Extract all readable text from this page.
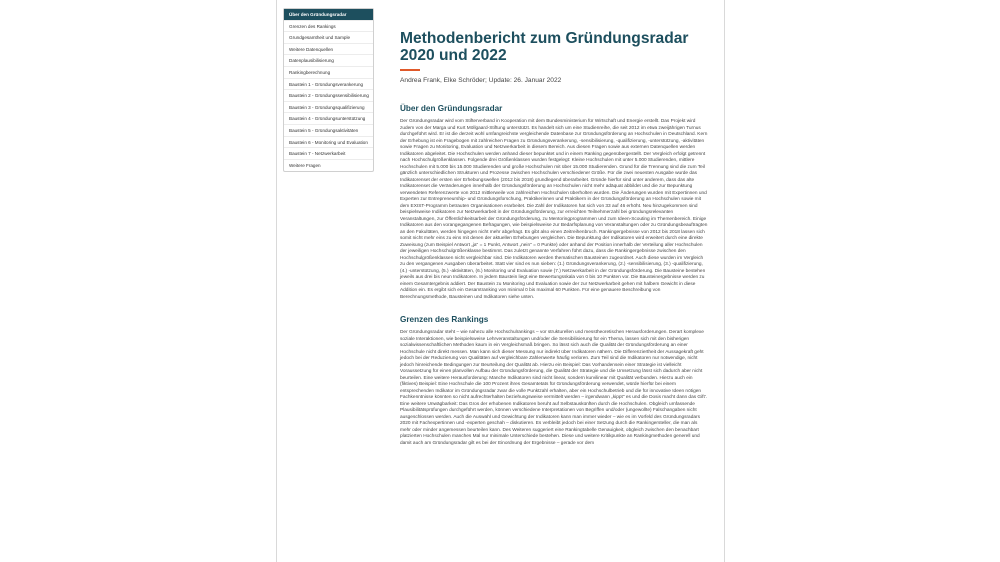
Über den Gründungsradar
Grenzen des Rankings
Grundgesamtheit und Sample
Weitere Datenquellen
Datenplausibilisierung
Rankingberechnung
Baustein 1 - Gründungsverankerung
Baustein 2 - Gründungssensibilisierung
Baustein 3 - Gründungsqualifizierung
Baustein 4 - Gründungsunterstützung
Baustein 5 - Gründungsaktivitäten
Baustein 6 - Monitoring und Evaluation
Baustein 7 - Netzwerkarbeit
Weitere Fragen
Methodenbericht zum Gründungsradar
2020 und 2022

Andrea Frank, Elke Schröder; Update: 26. Januar 2022

Über den Gründungsradar

Der Gründungsradar wird vom Stifterverband in Kooperation mit dem Bundesministerium für Wirtschaft und Energie erstellt. Das Projekt wird zudem von der Marga und Kurt Möllgaard-Stiftung unterstützt. Es handelt sich um eine Studienreihe, die seit 2012 im etwa zweijährigen Turnus durchgeführt wird. Er ist die derzeit wohl umfangreichste vergleichende Datenbase zur Gründungsförderung an Hochschulen in Deutschland. Kern der Erhebung ist ein Fragebogen mit zahlreichen Fragen zu Gründungsverankerung, -sensibilisierung, -qualifizierung, -unterstützung, -aktivitäten sowie Fragen zu Monitoring, Evaluation und Netzwerkarbeit in diesem Bereich. Aus diesen Fragen sowie aus externen Datenquellen werden Indikatoren abgeleitet. Die Hochschulen werden anhand dieser bepunktet und in einem Ranking gegenübergestellt. Der Vergleich erfolgt getrennt nach Hochschulgrößenklassen. Folgende drei Größenklassen wurden festgelegt: Kleine Hochschulen mit unter 5.000 Studierenden, mittlere Hochschulen mit 5.000 bis 15.000 Studierenden und große Hochschulen mit über 15.000 Studierenden. Grund für die Trennung sind die zum Teil gänzlich unterschiedlichen Strukturen und Prozesse zwischen Hochschulen verschiedener Größe. Für die zwei neuesten Ausgabe wurde das Indikatorenset der ersten vier Erhebungswellen (2012 bis 2018) grundlegend überarbeitet. Gründe hierfür sind unter anderem, dass das alte Indikatorenset die Veränderungen innerhalb der Gründungsförderung an Hochschulen nicht mehr adäquat abbildet und die zur Bepunktung verwendeten Referenzwerte von 2012 mittlerweile von zahlreichen Hochschulen überholten wurden. Die Änderungen wurden mit Expertinnen und Experten zur Entrepreneurship- und Gründungsforschung, Praktikerinnen und Praktikern in der Gründungsförderung an Hochschulen sowie mit dem EXIST-Programm betrauten Organisationen erarbeitet. Die Zahl der Indikatoren hat sich von 33 auf 46 erhöht. Neu hinzugekommen sind beispielsweise Indikatoren zur Netzwerkarbeit in der Gründungsförderung, zur erreichten Teilnehmerzahl bei gründungsrelevanten Veranstaltungen, zur Öffentlichkeitsarbeit der Gründungsförderung, zu Mentoringprogrammen und zum Ideen-Scouting im Themenbereich. Einige Indikatoren aus den vorangegangenen Befragungen, wie beispielsweise zur Bedarfsplanung von Veranstaltungen oder zu Gründungsbeauftragten an den Fakultäten, werden hingegen nicht mehr abgefragt. Es gibt also einen Zeitreihenbruch. Rankingergebnisse von 2012 bis 2018 lassen sich somit nicht mehr eins zu eins mit denen der aktuellen Erhebungen vergleichen. Die Bepunktung der Indikatoren wird erweitert durch eine direkte Zuweisung (zum Beispiel Antwort „ja" = 1 Punkt, Antwort „nein" = 0 Punkte) oder anhand der Position innerhalb der Verteilung aller Hochschulen der jeweiligen Hochschulgrößenklasse bestimmt. Das zuletzt genannte Verfahren führt dazu, dass die Rankingergebnisse zwischen den Hochschulgrößenklassen nicht vergleichbar sind. Die Indikatoren werden thematischen Bausteinen zugeordnet. Auch diese wurden im Vergleich zu den vergangenen Ausgaben überarbeitet. Statt vier sind es nun sieben: (1.) Gründungsverankerung, (2.) -sensibilisierung, (3.) -qualifizierung, (4.) -unterstützung, (5.) -aktivitäten, (6.) Monitoring und Evaluation sowie (7.) Netzwerkarbeit in der Gründungsförderung. Die Bausteine bestehen jeweils aus drei bis neun Indikatoren. In jedem Baustein liegt eine Bewertungsskala von 0 bis 10 Punkten vor. Die Bausteinergebnisse werden zu einem Gesamtergebnis addiert. Der Baustein zu Monitoring und Evaluation sowie der zur Netzwerkarbeit gehen mit halbem Gewicht in diese Addition ein. Es ergibt sich ein Gesamtranking von minimal 0 bis maximal 60 Punkten. Für eine genauere Beschreibung von Berechnungsmethode, Bausteinen und Indikatoren siehe unten.

Grenzen des Rankings

Der Gründungsradar steht – wie nahezu alle Hochschulrankings – vor strukturellen und messtheoretischen Herausforderungen. Derart komplexe soziale Interaktionen, wie beispielsweise Lehrveranstaltungen und/oder die Sensibilisierung für ein Thema, lassen sich mit den bisherigen sozialwissenschaftlichen Methoden kaum in ein Vergleichsmaß bringen. So lässt sich auch die Qualität der Gründungsförderung an einer Hochschule nicht direkt messen. Man kann sich dieser Messung nur indirekt über Indikatoren nähern. Die Differenziertheit der Aussagekraft geht jedoch bei der Reduzierung von Qualitäten auf vergleichbare Zahlenwerte häufig verloren. Zum Teil sind die Indikatoren nur notwendige, nicht jedoch hinreichende Bedingungen zur Beurteilung der Qualität ab. Hierzu ein Beispiel: Das Vorhandensein einer Strategie ist vielleicht Voraussetzung für einen planvollen Aufbau der Gründungsförderung, die Qualität der Strategie und die Umsetzung lässt sich dadurch aber nicht beurteilen. Eine weitere Herausforderung: Manche Indikatoren sind nicht linear, sondern kurvilinear mit Qualität verbunden. Hierzu auch ein (fiktives) Beispiel: Eine Hochschule die 100 Prozent ihres Gesamtetats für Gründungsförderung verwendet, würde hierfür bei einem entsprechenden Indikator im Gründungsradar zwar die volle Punktzahl erhalten, aber ein Hochschulbetrieb und die für innovative Ideen nötigen Fachkenntnisse könnten so nicht aufrechterhalten beziehungsweise vermittelt werden – irgendwann „kippt" es und die Dosis macht dann das Gift'. Eine weitere Unwägbarkeit: Das Gros der erhobenen Indikatoren beruht auf Selbstauskünften durch die Hochschulen. Obgleich umfassende Plausibilitätsprüfungen durchgeführt werden, können verschiedene Interpretationen von Begriffen und/oder (ungewollte) Falschangaben nicht ausgeschlossen werden. Auch die Auswahl und Gewichtung der Indikatoren kann man immer wieder – wie es im Vorfeld des Gründungsradars 2020 mit Fachexpertinnen und -experten geschah – diskutieren. Es verbleibt jedoch bei einer Setzung durch die Rankingersteller, die man als mehr oder minder angemessen beurteilen kann. Des Weiteren suggeriert eine Rankingtabelle Genauigkeit, obgleich zwischen den benachbart platzierten Hochschulen manches Mal nur minimale Unterschiede bestehen. Diese und weitere Kritikpunkte an Rankingmethoden generell und damit auch am Gründungsradar gilt es bei der Einordnung der Ergebnisse – gerade vor dem
